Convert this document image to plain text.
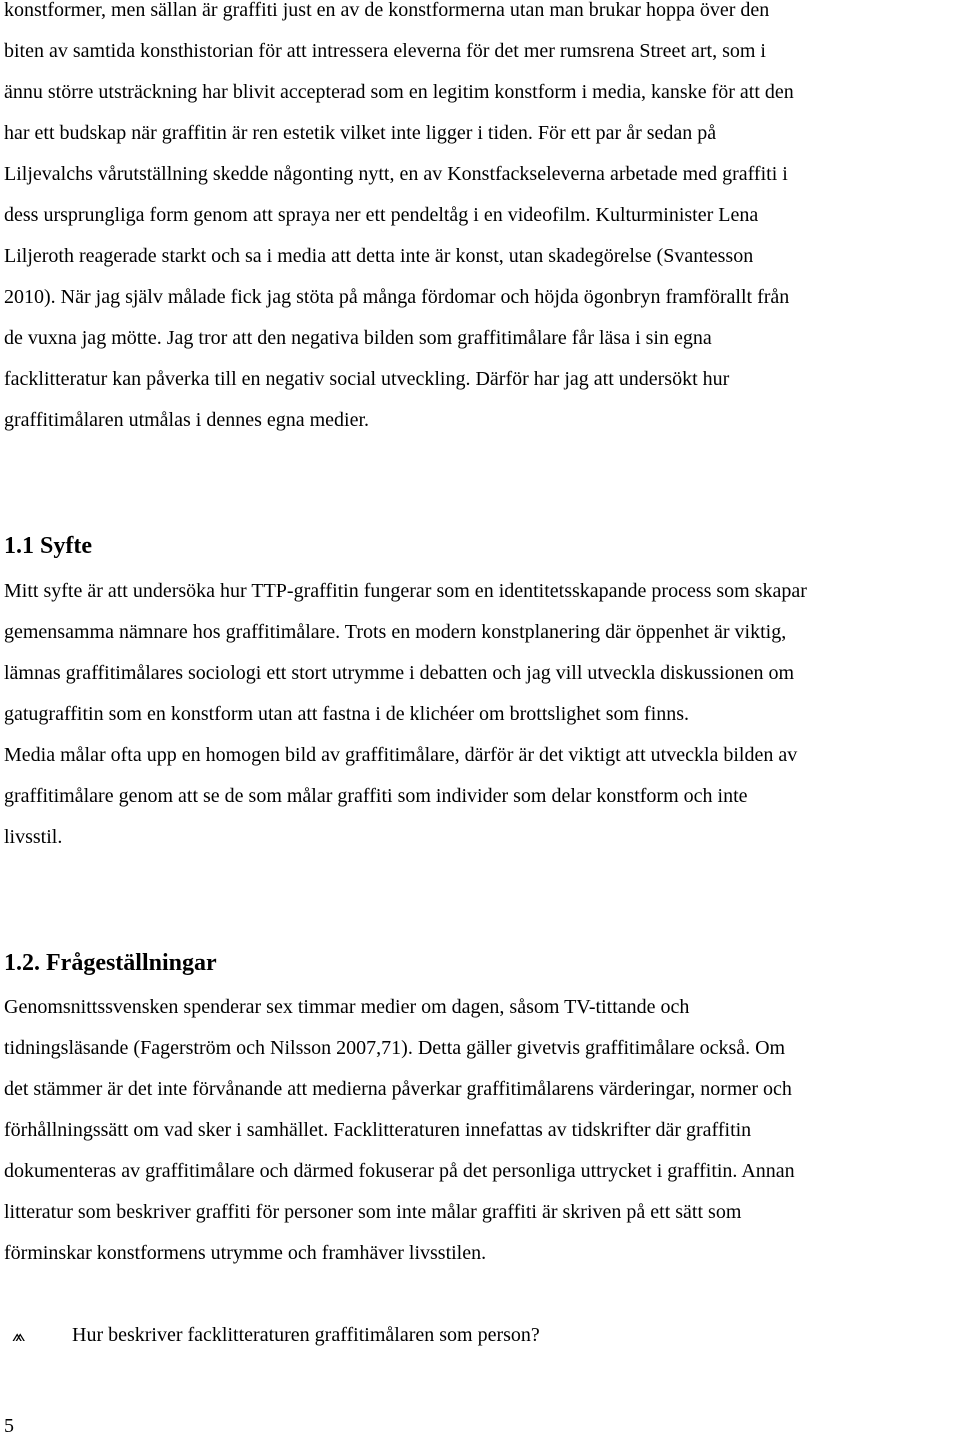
konstformer, men sällan är graffiti just en av de konstformerna utan man brukar hoppa över den
biten av samtida konsthistorian för att intressera eleverna för det mer rumsrena Street art, som i
ännu större utsträckning har blivit accepterad som en legitim konstform i media, kanske för att den
har ett budskap när graffitin är ren estetik vilket inte ligger i tiden. För ett par år sedan på
Liljevalchs vårutställning skedde någonting nytt, en av Konstfackseleverna arbetade med graffiti i
dess ursprungliga form genom att spraya ner ett pendeltåg i en videofilm. Kulturminister Lena
Liljeroth reagerade starkt och sa i media att detta inte är konst, utan skadegörelse (Svantesson
2010). När jag själv målade fick jag stöta på många fördomar och höjda ögonbryn framförallt från
de vuxna jag mötte. Jag tror att den negativa bilden som graffitimålare får läsa i sin egna
facklitteratur kan påverka till en negativ social utveckling. Därför har jag att undersökt hur
graffitimålaren utmålas i dennes egna medier.
1.1 Syfte
Mitt syfte är att undersöka hur TTP-graffitin fungerar som en identitetsskapande process som skapar
gemensamma nämnare hos graffitimålare. Trots en modern konstplanering där öppenhet är viktig,
lämnas graffitimålares sociologi ett stort utrymme i debatten och jag vill utveckla diskussionen om
gatugraffitin som en konstform utan att fastna i de klichéer om brottslighet som finns.
Media målar ofta upp en homogen bild av graffitimålare, därför är det viktigt att utveckla bilden av
graffitimålare genom att se de som målar graffiti som individer som delar konstform och inte
livsstil.
1.2. Frågeställningar
Genomsnittssvensken spenderar sex timmar medier om dagen, såsom TV-tittande och
tidningsläsande (Fagerström och Nilsson 2007,71). Detta gäller givetvis graffitimålare också. Om
det stämmer är det inte förvånande att medierna påverkar graffitimålarens värderingar, normer och
förhållningssätt om vad sker i samhället. Facklitteraturen innefattas av tidskrifter där graffitin
dokumenteras av graffitimålare och därmed fokuserar på det personliga uttrycket i graffitin. Annan
litteratur som beskriver graffiti för personer som inte målar graffiti är skriven på ett sätt som
förminskar konstformens utrymme och framhäver livsstilen.
⩕ Hur beskriver facklitteraturen graffitimålaren som person?
5
